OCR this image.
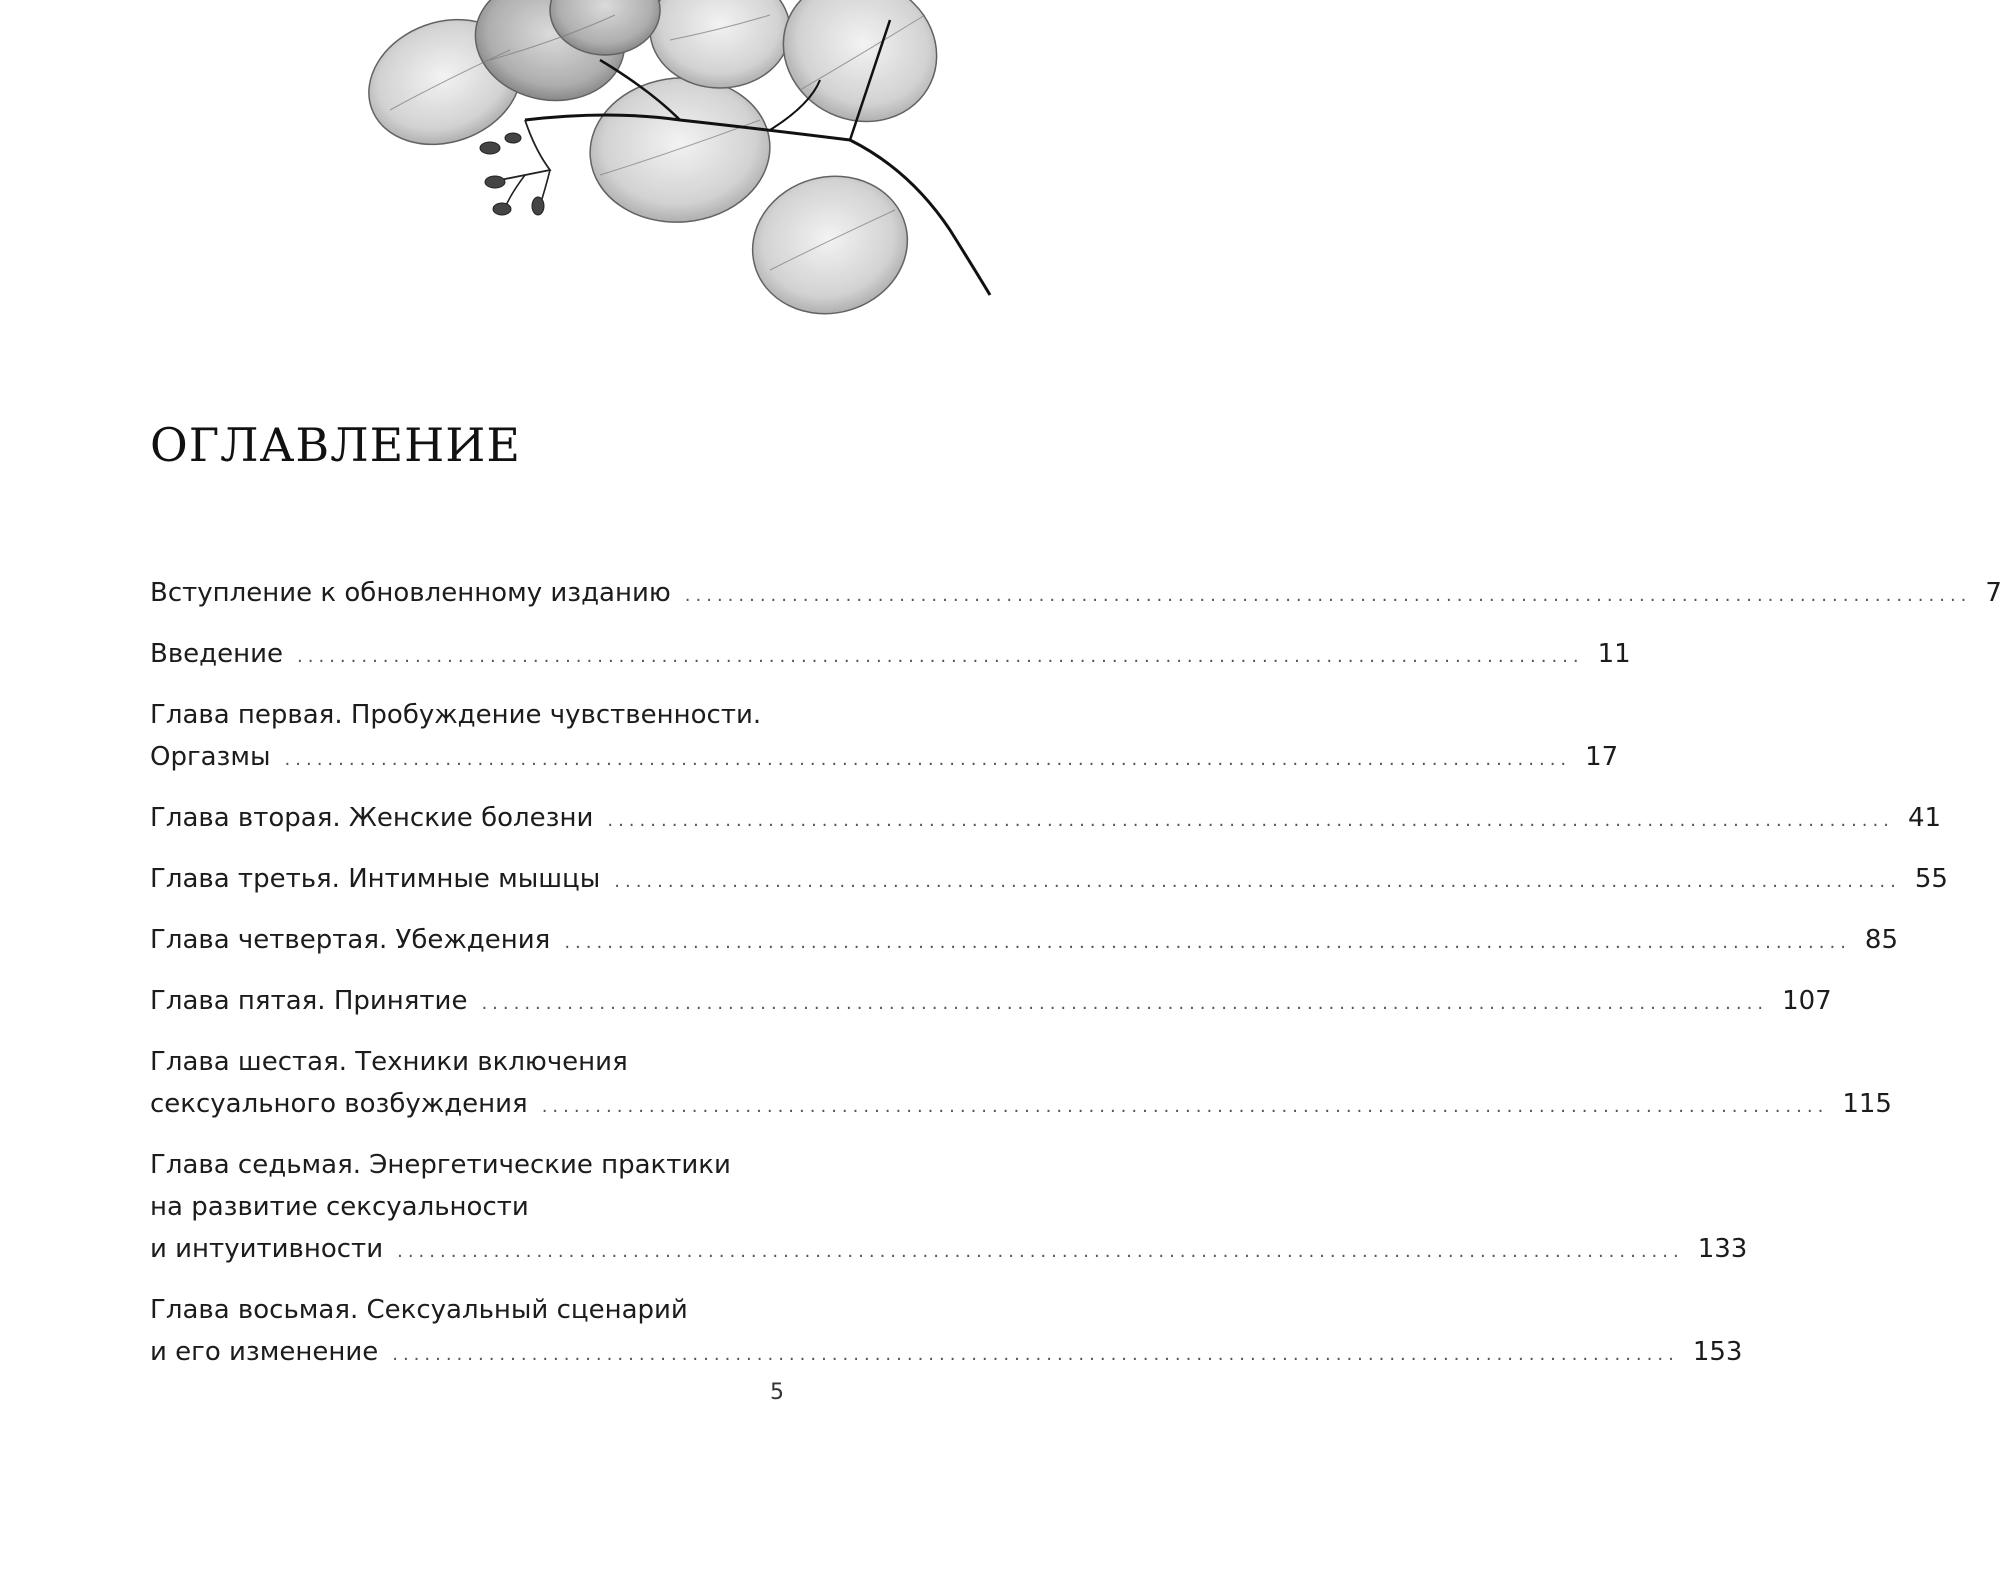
ОГЛАВЛЕНИЕ
Вступление к обновленному изданию ........................................................................................................................ 7
Введение ........................................................................................................................ 11
Глава первая. Пробуждение чувственности.
Оргазмы ........................................................................................................................ 17
Глава вторая. Женские болезни ........................................................................................................................ 41
Глава третья. Интимные мышцы ........................................................................................................................ 55
Глава четвертая. Убеждения ........................................................................................................................ 85
Глава пятая. Принятие ........................................................................................................................ 107
Глава шестая. Техники включения
сексуального возбуждения ........................................................................................................................ 115
Глава седьмая. Энергетические практики
на развитие сексуальности
и интуитивности ........................................................................................................................ 133
Глава восьмая. Сексуальный сценарий
и его изменение ........................................................................................................................ 153
5
